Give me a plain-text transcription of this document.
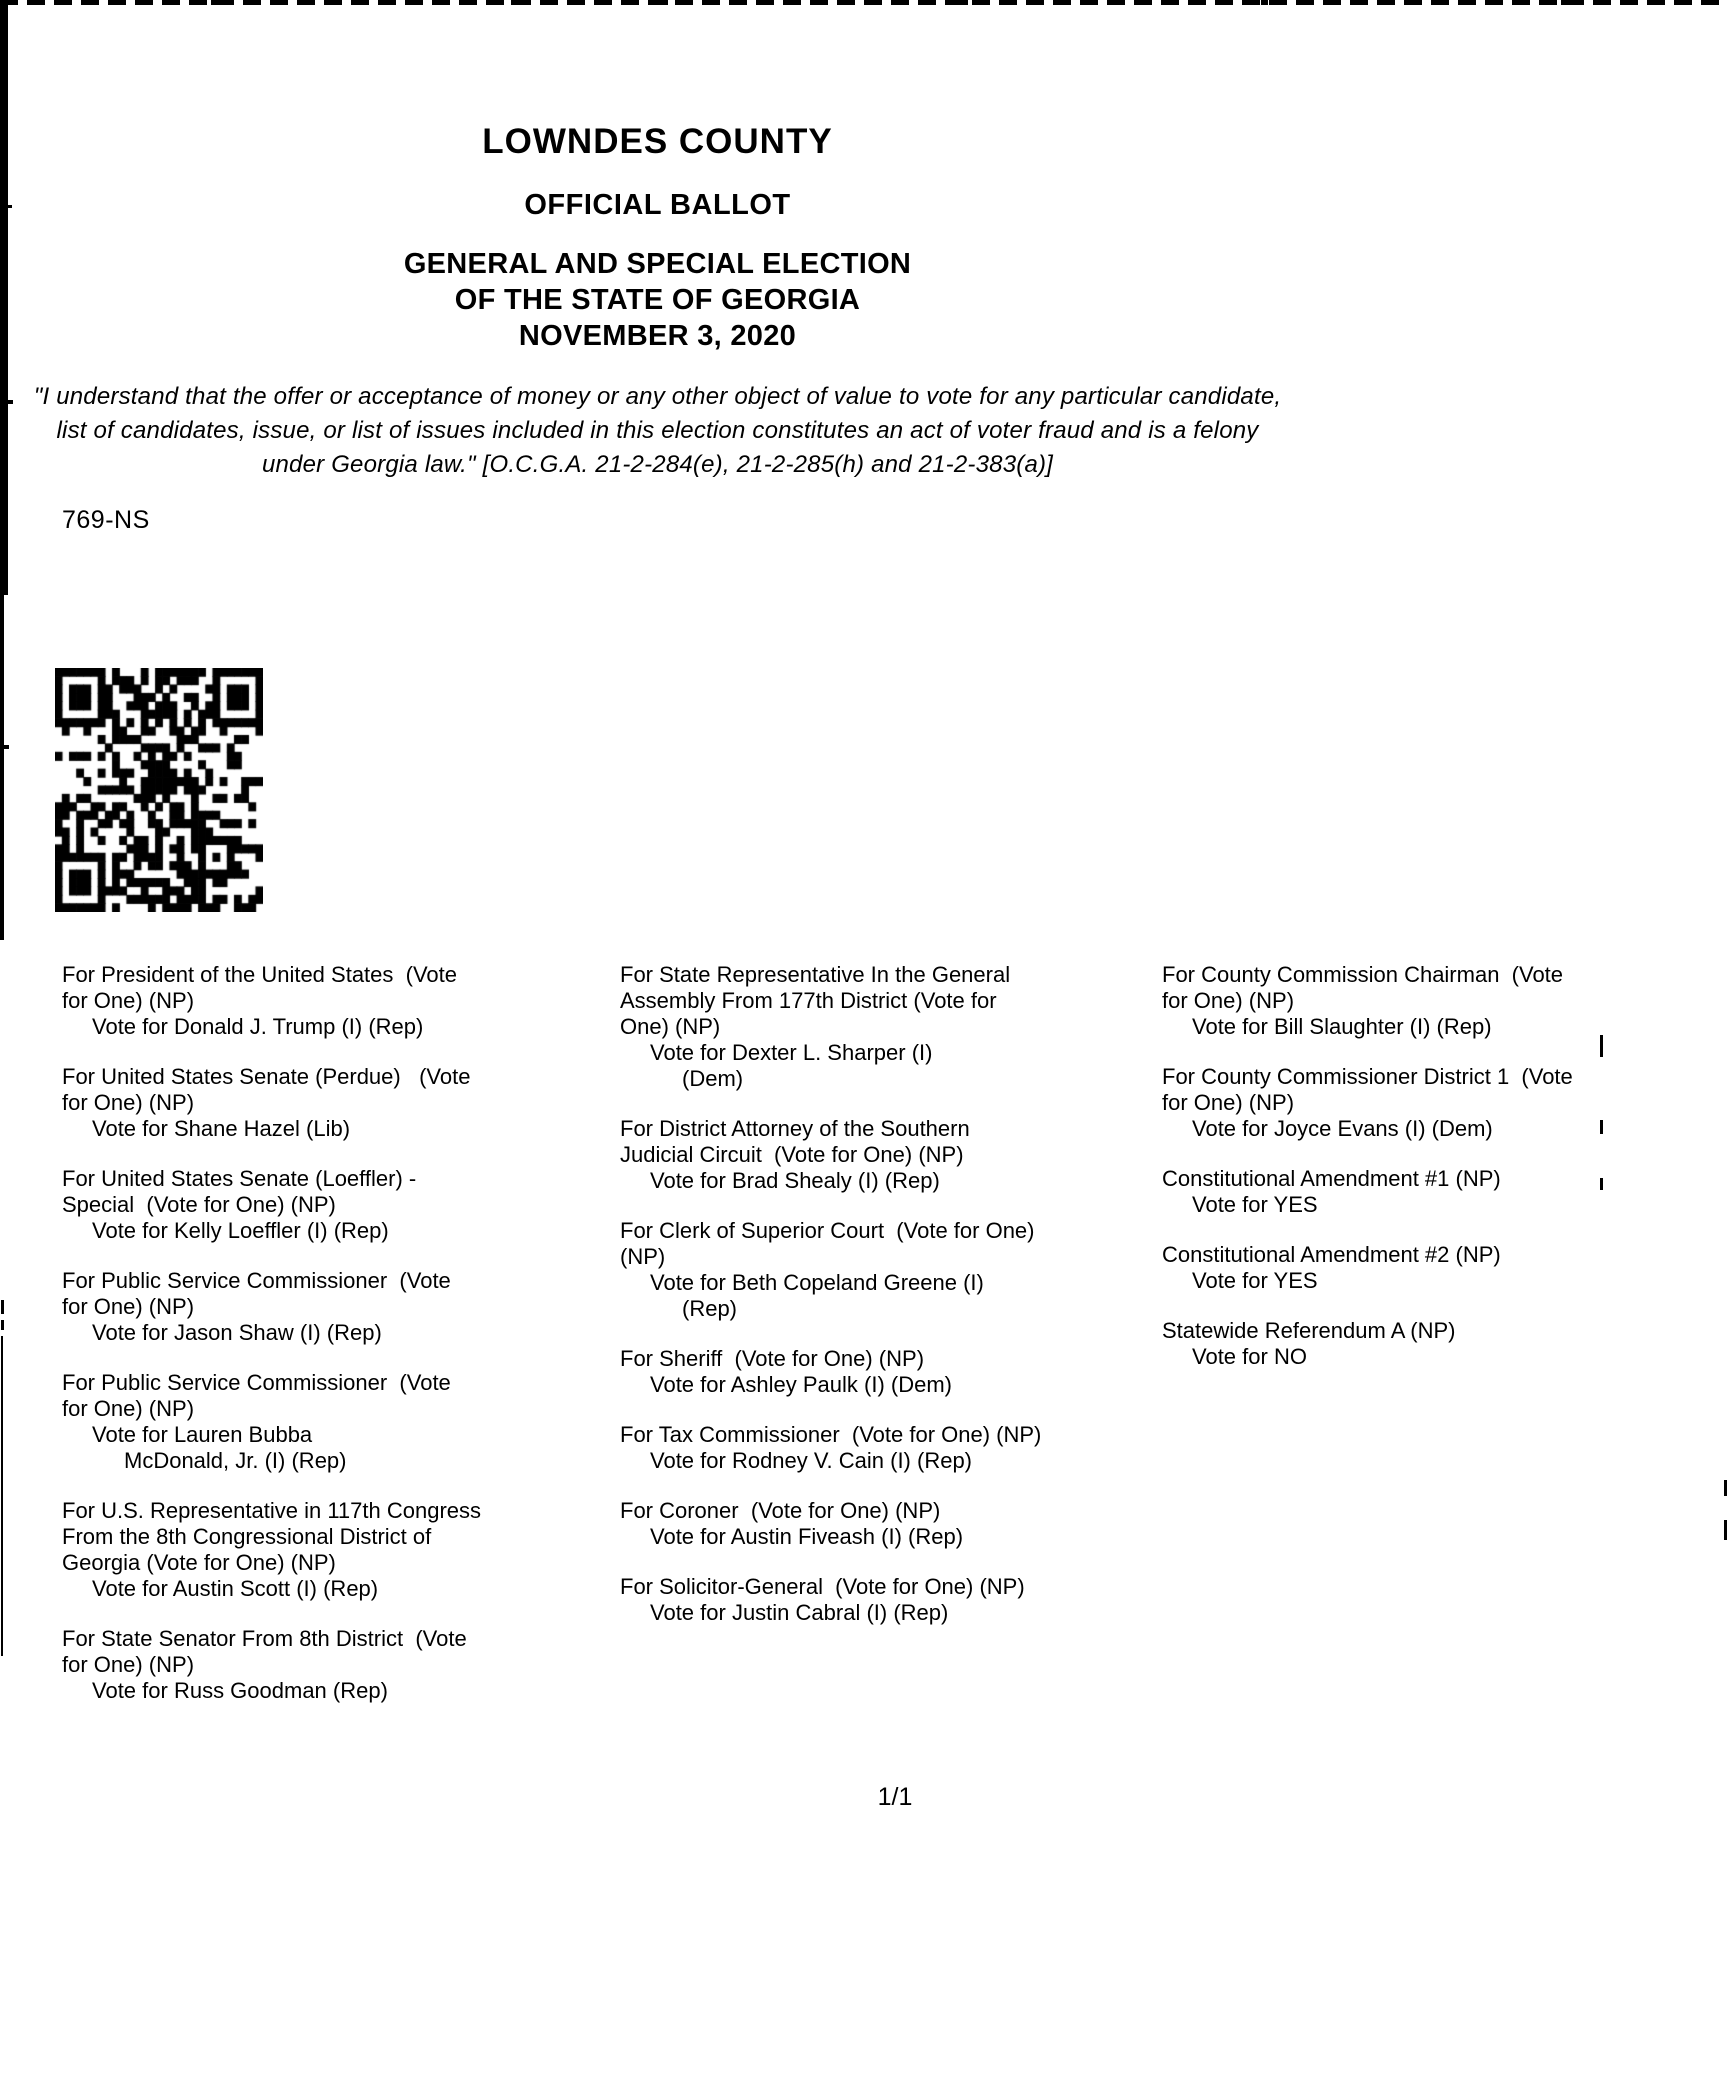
LOWNDES COUNTY
OFFICIAL BALLOT
GENERAL AND SPECIAL ELECTION
OF THE STATE OF GEORGIA
NOVEMBER 3, 2020
"I understand that the offer or acceptance of money or any other object of value to vote for any particular candidate,
list of candidates, issue, or list of issues included in this election constitutes an act of voter fraud and is a felony
under Georgia law." [O.C.G.A. 21-2-284(e), 21-2-285(h) and 21-2-383(a)]
769-NS
For President of the United States  (Vote
for One) (NP)
Vote for Donald J. Trump (I) (Rep)
For United States Senate (Perdue)   (Vote
for One) (NP)
Vote for Shane Hazel (Lib)
For United States Senate (Loeffler) -
Special  (Vote for One) (NP)
Vote for Kelly Loeffler (I) (Rep)
For Public Service Commissioner  (Vote
for One) (NP)
Vote for Jason Shaw (I) (Rep)
For Public Service Commissioner  (Vote
for One) (NP)
Vote for Lauren Bubba
McDonald, Jr. (I) (Rep)
For U.S. Representative in 117th Congress
From the 8th Congressional District of
Georgia (Vote for One) (NP)
Vote for Austin Scott (I) (Rep)
For State Senator From 8th District  (Vote
for One) (NP)
Vote for Russ Goodman (Rep)
For State Representative In the General
Assembly From 177th District (Vote for
One) (NP)
Vote for Dexter L. Sharper (I)
(Dem)
For District Attorney of the Southern
Judicial Circuit  (Vote for One) (NP)
Vote for Brad Shealy (I) (Rep)
For Clerk of Superior Court  (Vote for One)
(NP)
Vote for Beth Copeland Greene (I)
(Rep)
For Sheriff  (Vote for One) (NP)
Vote for Ashley Paulk (I) (Dem)
For Tax Commissioner  (Vote for One) (NP)
Vote for Rodney V. Cain (I) (Rep)
For Coroner  (Vote for One) (NP)
Vote for Austin Fiveash (I) (Rep)
For Solicitor-General  (Vote for One) (NP)
Vote for Justin Cabral (I) (Rep)
For County Commission Chairman  (Vote
for One) (NP)
Vote for Bill Slaughter (I) (Rep)
For County Commissioner District 1  (Vote
for One) (NP)
Vote for Joyce Evans (I) (Dem)
Constitutional Amendment #1 (NP)
Vote for YES
Constitutional Amendment #2 (NP)
Vote for YES
Statewide Referendum A (NP)
Vote for NO
1/1
